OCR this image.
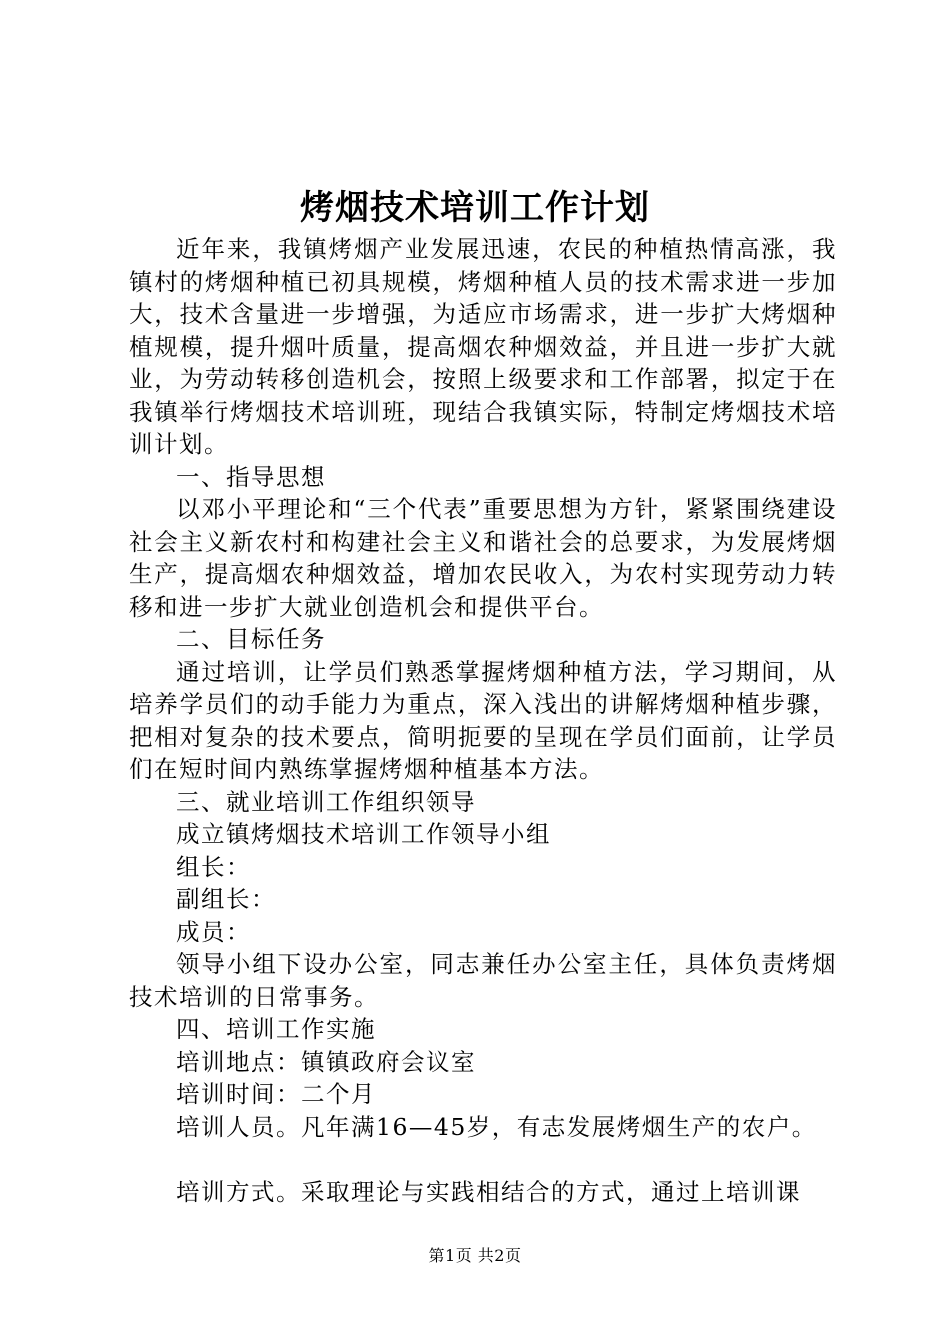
烤烟技术培训工作计划

近年来，我镇烤烟产业发展迅速，农民的种植热情高涨，我镇村的烤烟种植已初具规模，烤烟种植人员的技术需求进一步加大，技术含量进一步增强，为适应市场需求，进一步扩大烤烟种植规模，提升烟叶质量，提高烟农种烟效益，并且进一步扩大就业，为劳动转移创造机会，按照上级要求和工作部署，拟定于在我镇举行烤烟技术培训班，现结合我镇实际，特制定烤烟技术培训计划。

一、指导思想

以邓小平理论和“三个代表”重要思想为方针，紧紧围绕建设社会主义新农村和构建社会主义和谐社会的总要求，为发展烤烟生产，提高烟农种烟效益，增加农民收入，为农村实现劳动力转移和进一步扩大就业创造机会和提供平台。

二、目标任务

通过培训，让学员们熟悉掌握烤烟种植方法，学习期间，从培养学员们的动手能力为重点，深入浅出的讲解烤烟种植步骤，把相对复杂的技术要点，简明扼要的呈现在学员们面前，让学员们在短时间内熟练掌握烤烟种植基本方法。

三、就业培训工作组织领导

成立镇烤烟技术培训工作领导小组

组长：

副组长：

成员：

领导小组下设办公室，同志兼任办公室主任，具体负责烤烟技术培训的日常事务。

四、培训工作实施

培训地点：镇镇政府会议室

培训时间：二个月

培训人员。凡年满16—45岁，有志发展烤烟生产的农户。

培训方式。采取理论与实践相结合的方式，通过上培训课

第1页 共2页
